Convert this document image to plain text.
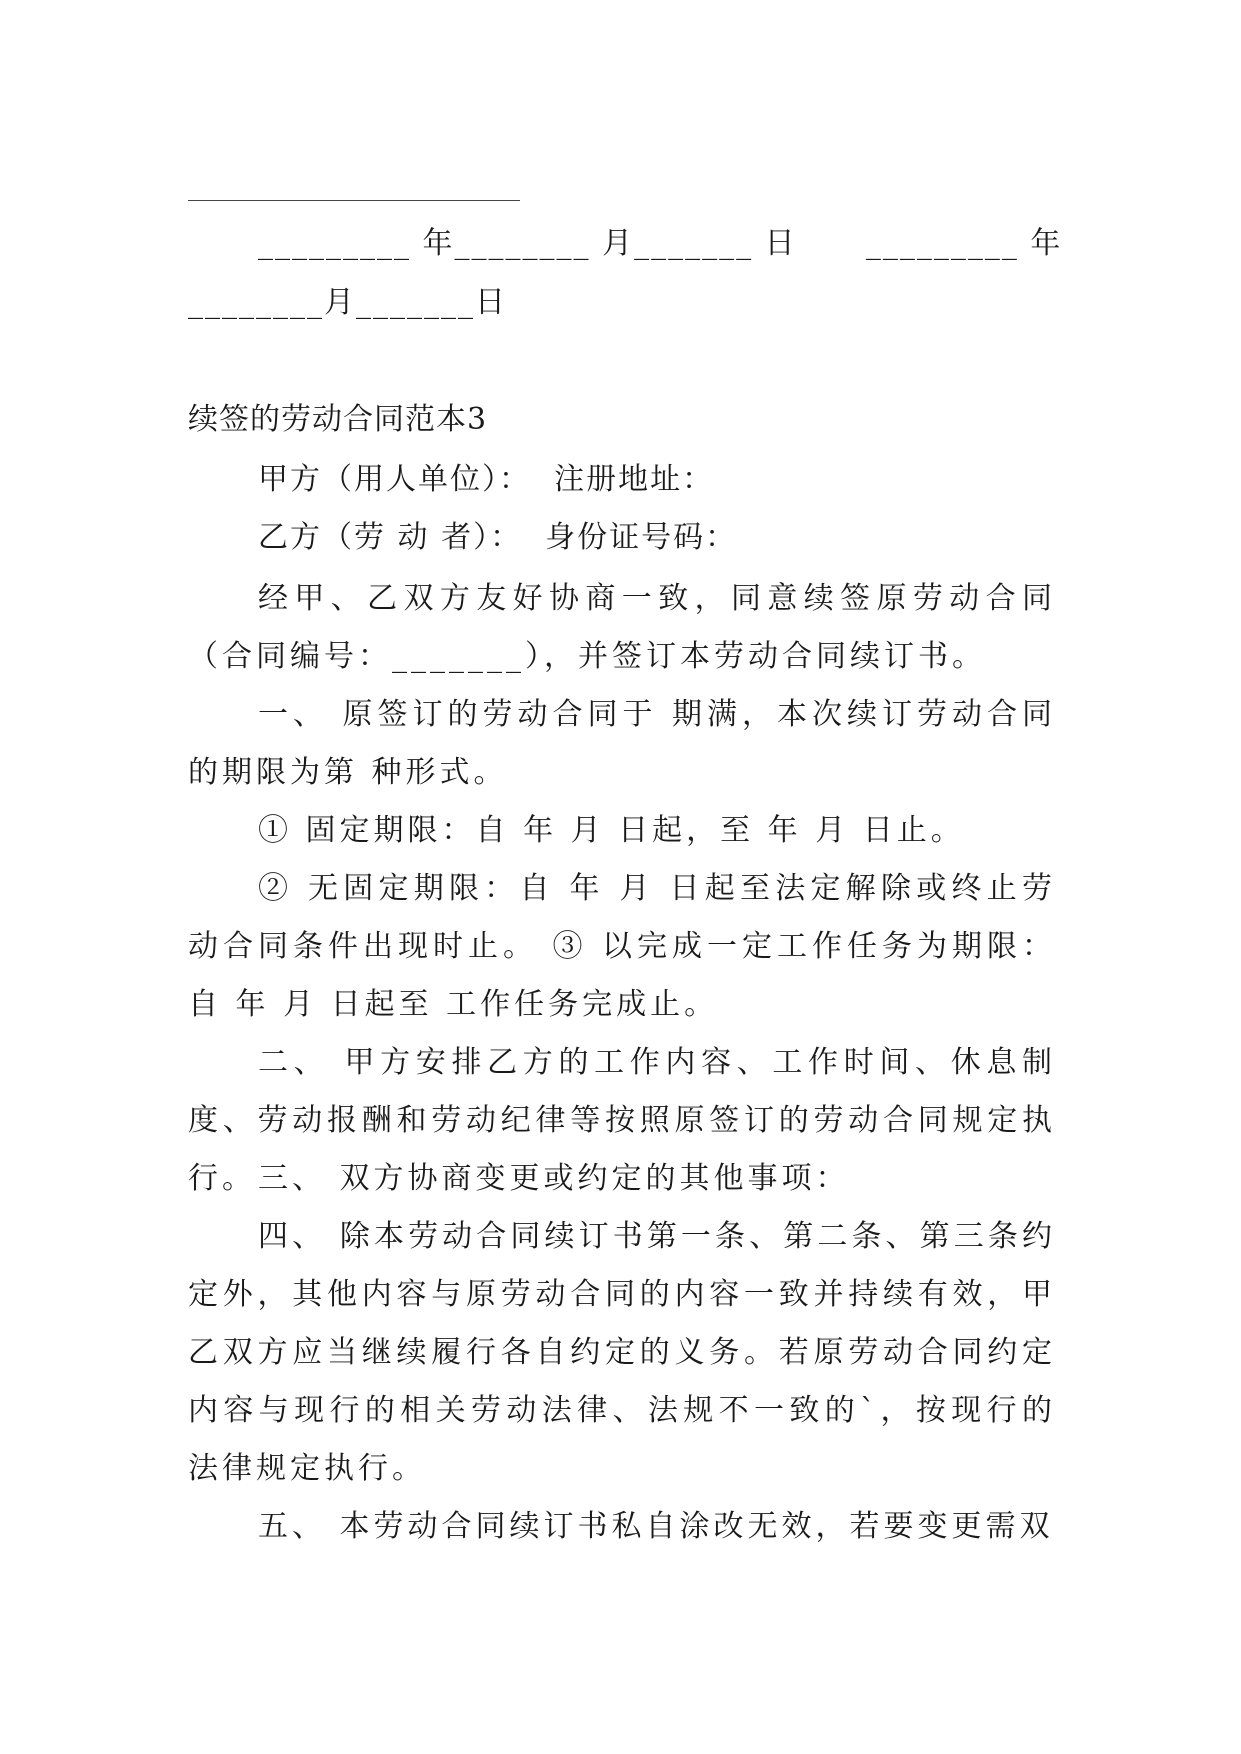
_________ 年________ 月_______ 日      _________ 年
________月_______日
续签的劳动合同范本3
甲方（用人单位）：  注册地址：
乙方（劳 动 者）：  身份证号码：
经甲、乙双方友好协商一致，同意续签原劳动合同（合同编号：_______），并签订本劳动合同续订书。
一、 原签订的劳动合同于 期满，本次续订劳动合同的期限为第 种形式。
① 固定期限：自 年 月 日起，至 年 月 日止。
② 无固定期限：自 年 月 日起至法定解除或终止劳动合同条件出现时止。 ③ 以完成一定工作任务为期限：自 年 月 日起至 工作任务完成止。
二、 甲方安排乙方的工作内容、工作时间、休息制度、劳动报酬和劳动纪律等按照原签订的劳动合同规定执行。 三、 双方协商变更或约定的其他事项：
四、 除本劳动合同续订书第一条、第二条、第三条约定外，其他内容与原劳动合同的内容一致并持续有效，甲乙双方应当继续履行各自约定的义务。若原劳动合同约定内容与现行的相关劳动法律、法规不一致的`，按现行的法律规定执行。
五、 本劳动合同续订书私自涂改无效，若要变更需双
